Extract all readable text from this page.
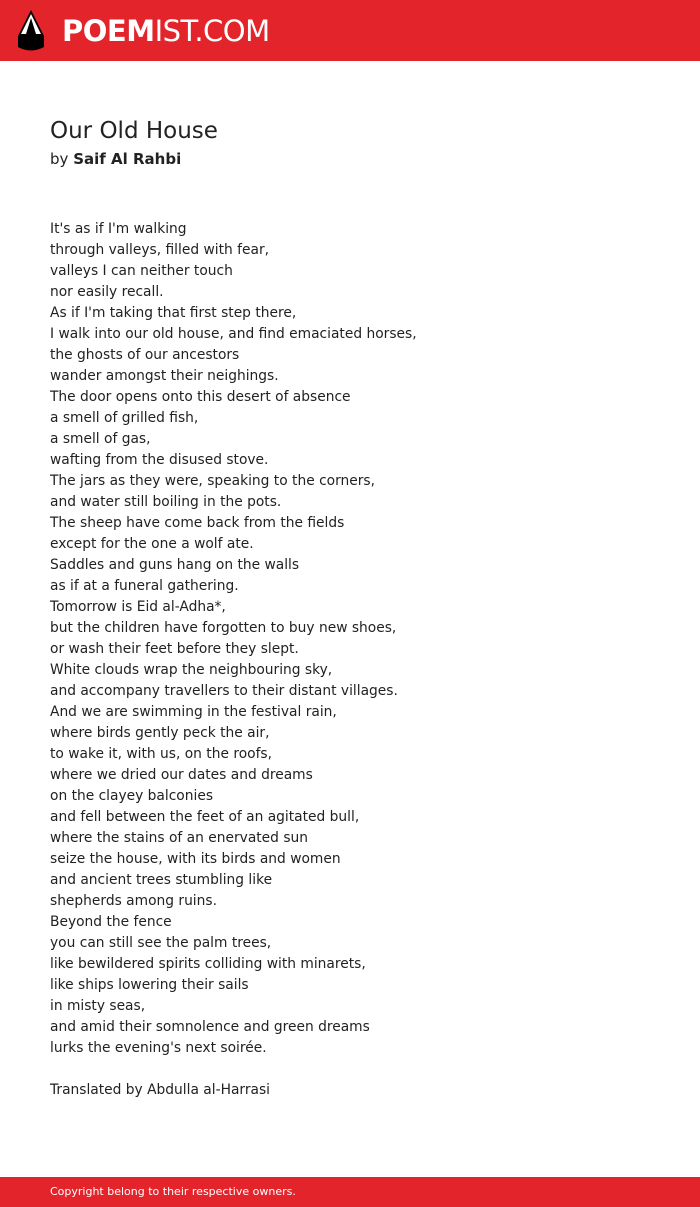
POEMIST.COM
Our Old House
by Saif Al Rahbi
It's as if I'm walking
through valleys, filled with fear,
valleys I can neither touch
nor easily recall.
As if I'm taking that first step there,
I walk into our old house, and find emaciated horses,
the ghosts of our ancestors
wander amongst their neighings.
The door opens onto this desert of absence
a smell of grilled fish,
a smell of gas,
wafting from the disused stove.
The jars as they were, speaking to the corners,
and water still boiling in the pots.
The sheep have come back from the fields
except for the one a wolf ate.
Saddles and guns hang on the walls
as if at a funeral gathering.
Tomorrow is Eid al-Adha*,
but the children have forgotten to buy new shoes,
or wash their feet before they slept.
White clouds wrap the neighbouring sky,
and accompany travellers to their distant villages.
And we are swimming in the festival rain,
where birds gently peck the air,
to wake it, with us, on the roofs,
where we dried our dates and dreams
on the clayey balconies
and fell between the feet of an agitated bull,
where the stains of an enervated sun
seize the house, with its birds and women
and ancient trees stumbling like
shepherds among ruins.
Beyond the fence
you can still see the palm trees,
like bewildered spirits colliding with minarets,
like ships lowering their sails
in misty seas,
and amid their somnolence and green dreams
lurks the evening's next soirée.
Translated by Abdulla al-Harrasi
Copyright belong to their respective owners.
